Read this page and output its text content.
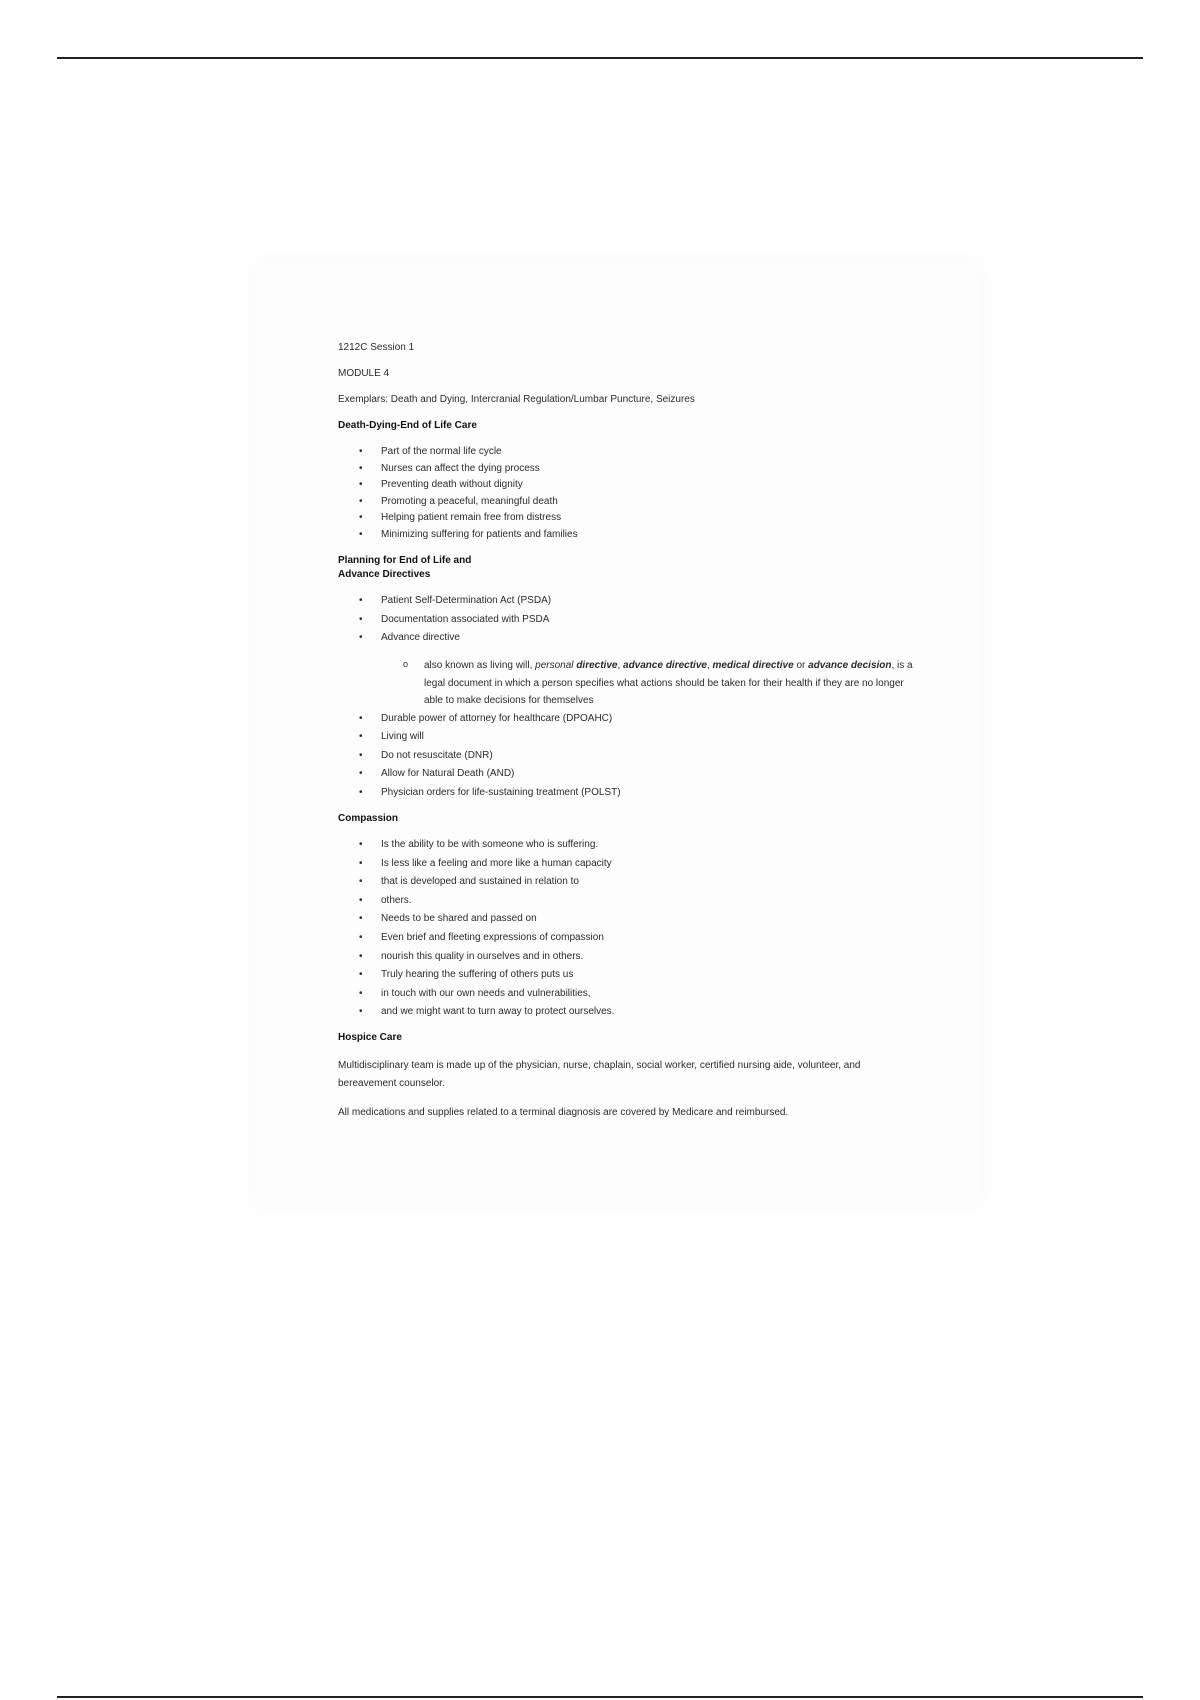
1212C Session 1

MODULE 4

Exemplars: Death and Dying, Intercranial Regulation/Lumbar Puncture, Seizures

Death-Dying-End of Life Care
• Part of the normal life cycle
• Nurses can affect the dying process
• Preventing death without dignity
• Promoting a peaceful, meaningful death
• Helping patient remain free from distress
• Minimizing suffering for patients and families
Planning for End of Life and
Advance Directives
• Patient Self-Determination Act (PSDA)
• Documentation associated with PSDA
• Advance directive
o also known as living will, personal directive, advance directive, medical directive or advance decision, is a legal document in which a person specifies what actions should be taken for their health if they are no longer able to make decisions for themselves
• Durable power of attorney for healthcare (DPOAHC)
• Living will
• Do not resuscitate (DNR)
• Allow for Natural Death (AND)
• Physician orders for life-sustaining treatment (POLST)
Compassion
• Is the ability to be with someone who is suffering.
• Is less like a feeling and more like a human capacity
• that is developed and sustained in relation to
• others.
• Needs to be shared and passed on
• Even brief and fleeting expressions of compassion
• nourish this quality in ourselves and in others.
• Truly hearing the suffering of others puts us
• in touch with our own needs and vulnerabilities,
• and we might want to turn away to protect ourselves.
Hospice Care

Multidisciplinary team is made up of the physician, nurse, chaplain, social worker, certified nursing aide, volunteer, and bereavement counselor.

All medications and supplies related to a terminal diagnosis are covered by Medicare and reimbursed.
